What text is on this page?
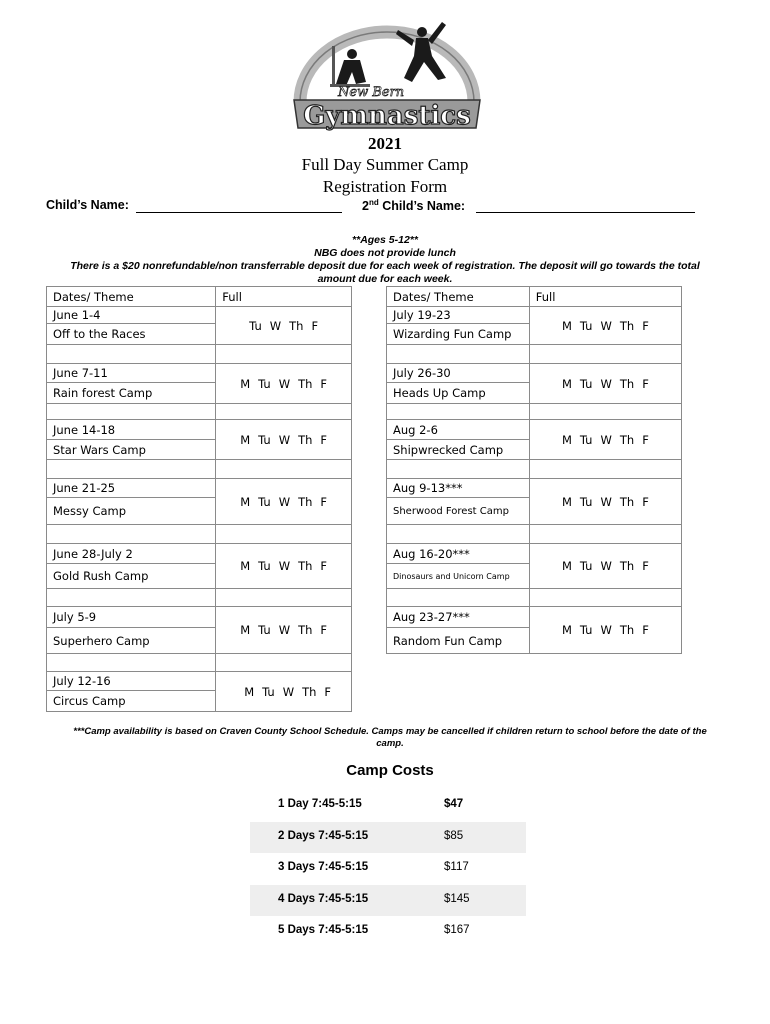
New Bern
Gymnastics
2021
Full Day Summer Camp
Registration Form
Child’s Name:	2nd Child’s Name:
**Ages 5-12**
NBG does not provide lunch
There is a $20 nonrefundable/non transferrable deposit due for each week of registration. The deposit will go towards the total
amount due for each week.
Dates/ Theme	Full
June 1-4	Tu W Th F
Off to the Races	

June 7-11	M Tu W Th F
Rain forest Camp	

June 14-18	M Tu W Th F
Star Wars Camp	

June 21-25	M Tu W Th F
Messy Camp	

June 28-July 2	M Tu W Th F
Gold Rush Camp	

July 5-9	M Tu W Th F
Superhero Camp	

July 12-16	M Tu W Th F
Circus Camp	
Dates/ Theme	Full
July 19-23	M Tu W Th F
Wizarding Fun Camp	

July 26-30	M Tu W Th F
Heads Up Camp	

Aug 2-6	M Tu W Th F
Shipwrecked Camp	

Aug 9-13***	M Tu W Th F
Sherwood Forest Camp	

Aug 16-20***	M Tu W Th F
Dinosaurs and Unicorn Camp	

Aug 23-27***	M Tu W Th F
Random Fun Camp	
***Camp availability is based on Craven County School Schedule. Camps may be cancelled if children return to school before the date of the
camp.
Camp Costs
1 Day 7:45-5:15	$47
2 Days 7:45-5:15	$85
3 Days 7:45-5:15	$117
4 Days 7:45-5:15	$145
5 Days 7:45-5:15	$167
